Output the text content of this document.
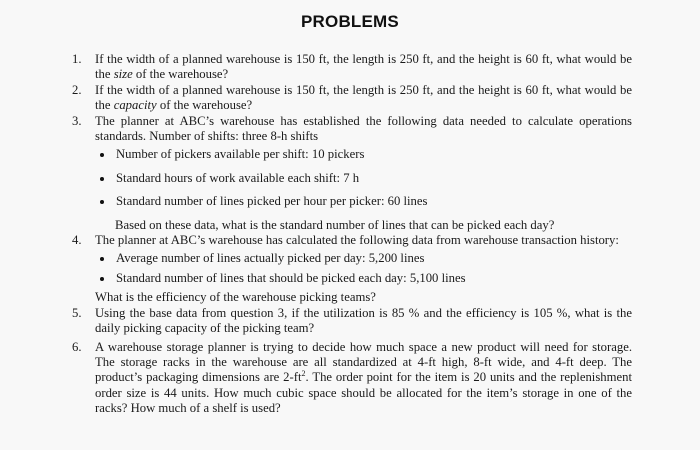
PROBLEMS
1. If the width of a planned warehouse is 150 ft, the length is 250 ft, and the height is 60 ft, what would be the size of the warehouse?
2. If the width of a planned warehouse is 150 ft, the length is 250 ft, and the height is 60 ft, what would be the capacity of the warehouse?
3. The planner at ABC’s warehouse has established the following data needed to calculate operations standards. Number of shifts: three 8-h shifts
Number of pickers available per shift: 10 pickers
Standard hours of work available each shift: 7 h
Standard number of lines picked per hour per picker: 60 lines
Based on these data, what is the standard number of lines that can be picked each day?
4. The planner at ABC’s warehouse has calculated the following data from warehouse transaction history:
Average number of lines actually picked per day: 5,200 lines
Standard number of lines that should be picked each day: 5,100 lines
What is the efficiency of the warehouse picking teams?
5. Using the base data from question 3, if the utilization is 85 % and the efficiency is 105 %, what is the daily picking capacity of the picking team?
6. A warehouse storage planner is trying to decide how much space a new product will need for storage. The storage racks in the warehouse are all standardized at 4-ft high, 8-ft wide, and 4-ft deep. The product’s packaging dimensions are $2-ft^2$. The order point for the item is 20 units and the replenishment order size is 44 units. How much cubic space should be allocated for the item’s storage in one of the racks? How much of a shelf is used?
